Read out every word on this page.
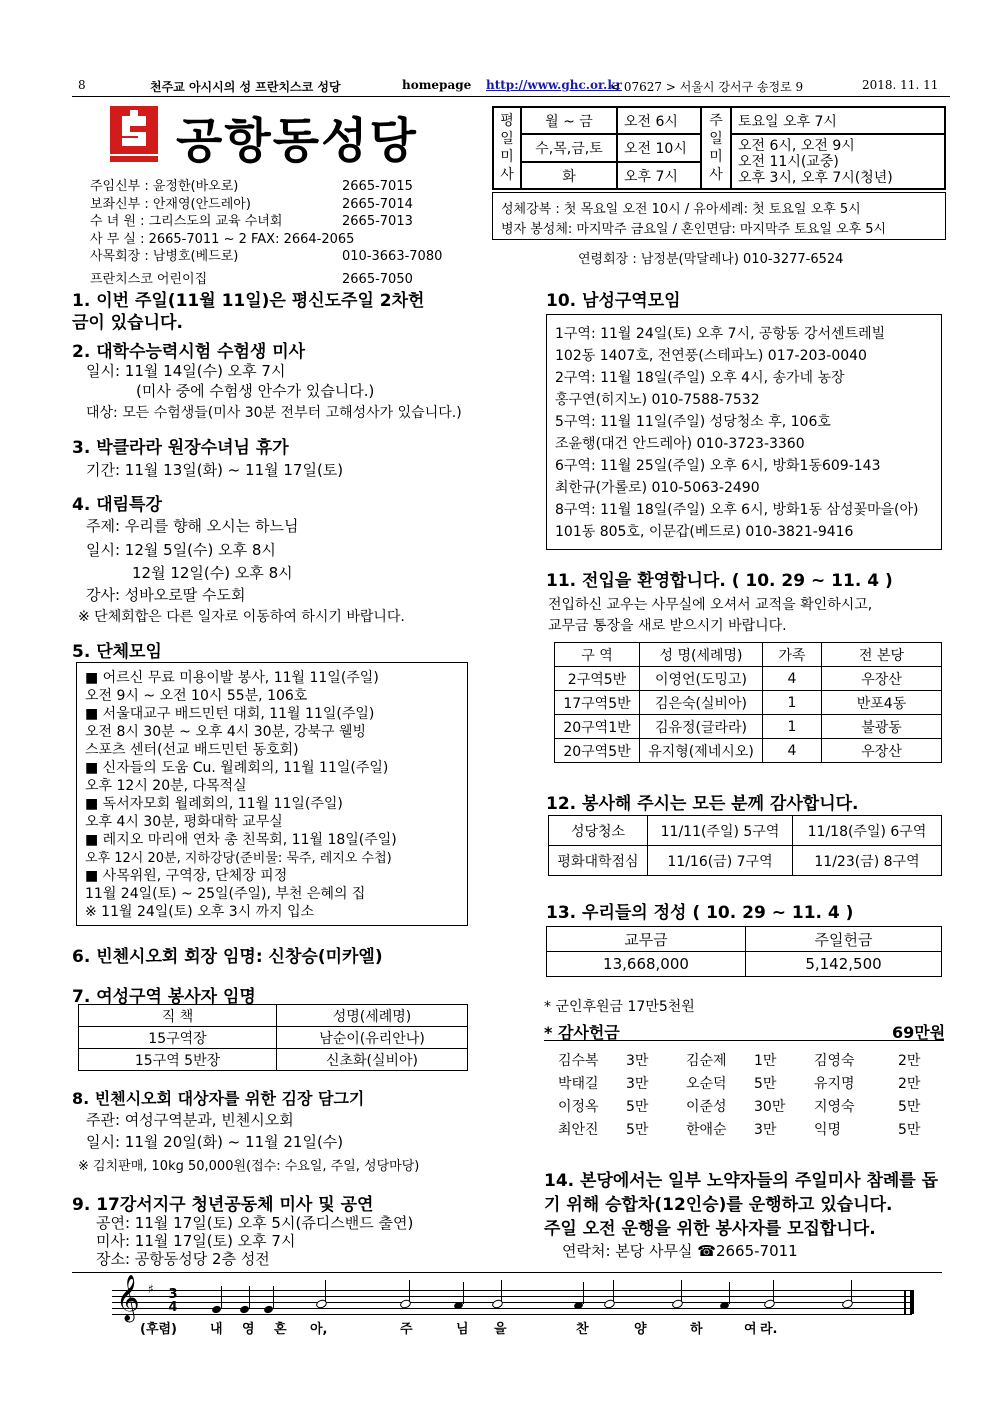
8	천주교 아시시의 성 프란치스코 성당	homepage http://www.ghc.or.kr
< 07627 > 서울시 강서구 송정로 9	2018. 11. 11
공항동성당
주임신부 : 윤정한(바오로)	2665-7015
보좌신부 : 안재영(안드레아)	2665-7014
수 녀 원 : 그리스도의 교육 수녀회	2665-7013
사 무 실 : 2665-7011 ~ 2 FAX: 2664-2065
사목회장 : 남병호(베드로)	010-3663-7080
프란치스코 어린이집	2665-7050
평일미사
월 ~ 금	오전 6시
수,목,금,토	오전 10시
화	오후 7시
주일미사
토요일 오후 7시
오전 6시, 오전 9시
오전 11시(교중)
오후 3시, 오후 7시(청년)
성체강복 : 첫 목요일 오전 10시 / 유아세례: 첫 토요일 오후 5시
병자 봉성체: 마지막주 금요일 / 혼인면담: 마지막주 토요일 오후 5시
연령회장 : 남정분(막달레나) 010-3277-6524
1. 이번 주일(11월 11일)은 평신도주일 2차헌
금이 있습니다.
2. 대학수능력시험 수험생 미사
일시: 11월 14일(수) 오후 7시
(미사 중에 수험생 안수가 있습니다.)
대상: 모든 수험생들(미사 30분 전부터 고해성사가 있습니다.)
3. 박클라라 원장수녀님 휴가
기간: 11월 13일(화) ~ 11월 17일(토)
4. 대림특강
주제: 우리를 향해 오시는 하느님
일시: 12월 5일(수) 오후 8시
12월 12일(수) 오후 8시
강사: 성바오로딸 수도회
※ 단체회합은 다른 일자로 이동하여 하시기 바랍니다.
5. 단체모임
■ 어르신 무료 미용이발 봉사, 11월 11일(주일)
오전 9시 ~ 오전 10시 55분, 106호
■ 서울대교구 배드민턴 대회, 11월 11일(주일)
오전 8시 30분 ~ 오후 4시 30분, 강북구 웰빙
스포츠 센터(선교 배드민턴 동호회)
■ 신자들의 도움 Cu. 월례회의, 11월 11일(주일)
오후 12시 20분, 다목적실
■ 독서자모회 월례회의, 11월 11일(주일)
오후 4시 30분, 평화대학 교무실
■ 레지오 마리애 연차 총 친목회, 11월 18일(주일)
오후 12시 20분, 지하강당(준비물: 묵주, 레지오 수첩)
■ 사목위원, 구역장, 단체장 피정
11월 24일(토) ~ 25일(주일), 부천 은혜의 집
※ 11월 24일(토) 오후 3시 까지 입소
6. 빈첸시오회 회장 임명: 신창승(미카엘)
7. 여성구역 봉사자 임명
직 책	성명(세례명)
15구역장	남순이(유리안나)
15구역 5반장	신초화(실비아)
8. 빈첸시오회 대상자를 위한 김장 담그기
주관: 여성구역분과, 빈첸시오회
일시: 11월 20일(화) ~ 11월 21일(수)
※ 김치판매, 10kg 50,000원(접수: 수요일, 주일, 성당마당)
9. 17강서지구 청년공동체 미사 및 공연
공연: 11월 17일(토) 오후 5시(쥬디스밴드 출연)
미사: 11월 17일(토) 오후 7시
장소: 공항동성당 2층 성전
10. 남성구역모임
1구역: 11월 24일(토) 오후 7시, 공항동 강서센트레빌
102동 1407호, 전연풍(스테파노) 017-203-0040
2구역: 11월 18일(주일) 오후 4시, 송가네 농장
홍구연(히지노) 010-7588-7532
5구역: 11월 11일(주일) 성당청소 후, 106호
조윤행(대건 안드레아) 010-3723-3360
6구역: 11월 25일(주일) 오후 6시, 방화1동609-143
최한규(가롤로) 010-5063-2490
8구역: 11월 18일(주일) 오후 6시, 방화1동 삼성꽃마을(아)
101동 805호, 이문갑(베드로) 010-3821-9416
11. 전입을 환영합니다. ( 10. 29 ~ 11. 4 )
전입하신 교우는 사무실에 오셔서 교적을 확인하시고,
교무금 통장을 새로 받으시기 바랍니다.
구 역	성 명(세례명)	가족	전 본당
2구역5반	이영언(도밍고)	4	우장산
17구역5반	김은숙(실비아)	1	반포4동
20구역1반	김유정(글라라)	1	불광동
20구역5반	유지형(제네시오)	4	우장산
12. 봉사해 주시는 모든 분께 감사합니다.
성당청소	11/11(주일) 5구역	11/18(주일) 6구역
평화대학점심	11/16(금) 7구역	11/23(금) 8구역
13. 우리들의 정성 ( 10. 29 ~ 11. 4 )
교무금	주일헌금
13,668,000	5,142,500
* 군인후원금 17만5천원
* 감사헌금	69만원
김수복 3만	김순제 1만	김영숙	2만
박태길 3만	오순덕 5만	유지명	2만
이정옥 5만	이준성 30만 지영숙	5만
최안진 5만	한애순 3만	익명	5만
14. 본당에서는 일부 노약자들의 주일미사 참례를 돕
기 위해 승합차(12인승)를 운행하고 있습니다.
주일 오전 운행을 위한 봉사자를 모집합니다.
연락처: 본당 사무실 ☎2665-7011
𝄞 ♯ 3
4
(후렴)	내 영 혼 아,	주	님 을	찬	양	하	여 라.
